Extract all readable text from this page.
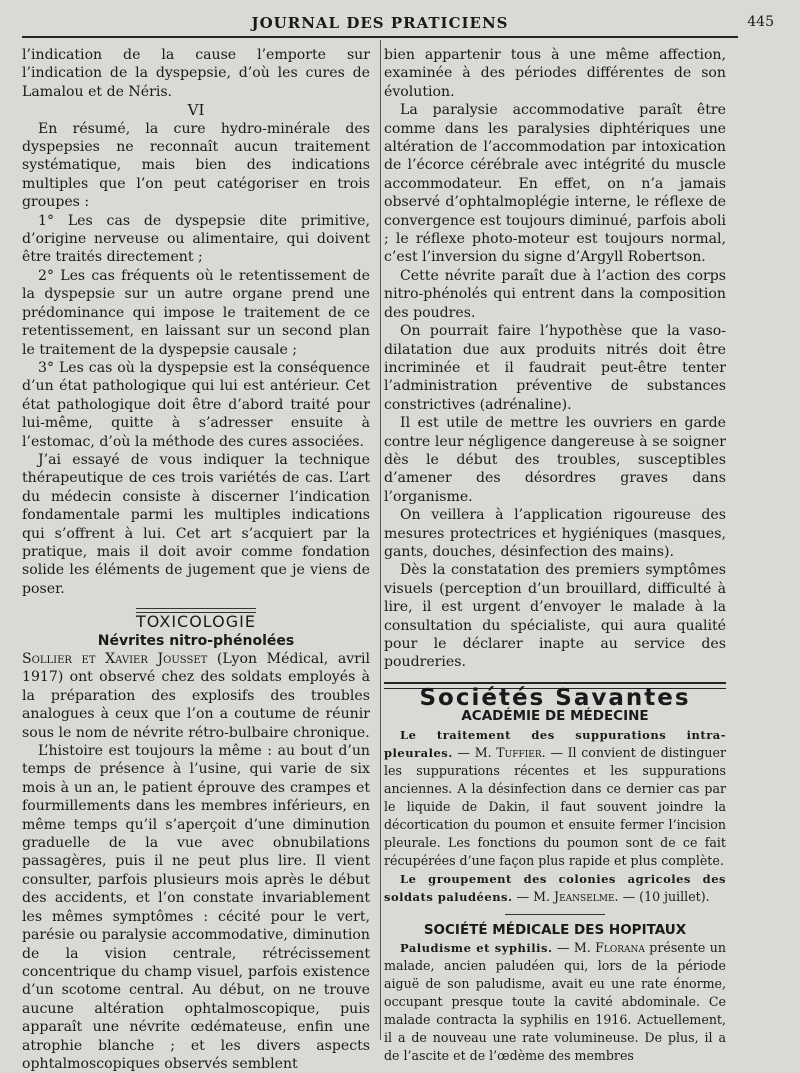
JOURNAL DES PRATICIENS	445

l’indication de la cause l’emporte sur l’indication de la dyspepsie, d’où les cures de Lamalou et de Néris.

VI

En résumé, la cure hydro-minérale des dyspepsies ne reconnaît aucun traitement systématique, mais bien des indications multiples que l’on peut catégoriser en trois groupes :

1° Les cas de dyspepsie dite primitive, d’origine nerveuse ou alimentaire, qui doivent être traités directement ;

2° Les cas fréquents où le retentissement de la dyspepsie sur un autre organe prend une prédominance qui impose le traitement de ce retentissement, en laissant sur un second plan le traitement de la dyspepsie causale ;

3° Les cas où la dyspepsie est la conséquence d’un état pathologique qui lui est antérieur. Cet état pathologique doit être d’abord traité pour lui-même, quitte à s’adresser ensuite à l’estomac, d’où la méthode des cures associées.

J’ai essayé de vous indiquer la technique thérapeutique de ces trois variétés de cas. L’art du médecin consiste à discerner l’indication fondamentale parmi les multiples indications qui s’offrent à lui. Cet art s’acquiert par la pratique, mais il doit avoir comme fondation solide les éléments de jugement que je viens de poser.

TOXICOLOGIE

Névrites nitro-phénolées

Sollier et Xavier Jousset (Lyon Médical, avril 1917) ont observé chez des soldats employés à la préparation des explosifs des troubles analogues à ceux que l’on a coutume de réunir sous le nom de névrite rétro-bulbaire chronique.

L’histoire est toujours la même : au bout d’un temps de présence à l’usine, qui varie de six mois à un an, le patient éprouve des crampes et fourmillements dans les membres inférieurs, en même temps qu’il s’aperçoit d’une diminution graduelle de la vue avec obnubilations passagères, puis il ne peut plus lire. Il vient consulter, parfois plusieurs mois après le début des accidents, et l’on constate invariablement les mêmes symptômes : cécité pour le vert, parésie ou paralysie accommodative, diminution de la vision centrale, rétrécissement concentrique du champ visuel, parfois existence d’un scotome central. Au début, on ne trouve aucune altération ophtalmoscopique, puis apparaît une névrite œdémateuse, enfin une atrophie blanche ; et les divers aspects ophtalmoscopiques observés semblent

bien appartenir tous à une même affection, examinée à des périodes différentes de son évolution.

La paralysie accommodative paraît être comme dans les paralysies diphtériques une altération de l’accommodation par intoxication de l’écorce cérébrale avec intégrité du muscle accommodateur. En effet, on n’a jamais observé d’ophtalmoplégie interne, le réflexe de convergence est toujours diminué, parfois aboli ; le réflexe photo-moteur est toujours normal, c’est l’inversion du signe d’Argyll Robertson.

Cette névrite paraît due à l’action des corps nitro-phénolés qui entrent dans la composition des poudres.

On pourrait faire l’hypothèse que la vaso-dilatation due aux produits nitrés doit être incriminée et il faudrait peut-être tenter l’administration préventive de substances constrictives (adrénaline).

Il est utile de mettre les ouvriers en garde contre leur négligence dangereuse à se soigner dès le début des troubles, susceptibles d’amener des désordres graves dans l’organisme.

On veillera à l’application rigoureuse des mesures protectrices et hygiéniques (masques, gants, douches, désinfection des mains).

Dès la constatation des premiers symptômes visuels (perception d’un brouillard, difficulté à lire, il est urgent d’envoyer le malade à la consultation du spécialiste, qui aura qualité pour le déclarer inapte au service des poudreries.

Sociétés Savantes

ACADÉMIE DE MÉDECINE

Le traitement des suppurations intra-pleurales. — M. Tuffier. — Il convient de distinguer les suppurations récentes et les suppurations anciennes. A la désinfection dans ce dernier cas par le liquide de Dakin, il faut souvent joindre la décortication du poumon et ensuite fermer l’incision pleurale. Les fonctions du poumon sont de ce fait récupérées d’une façon plus rapide et plus complète.

Le groupement des colonies agricoles des soldats paludéens. — M. Jeanselme. — (10 juillet).

SOCIÉTÉ MÉDICALE DES HOPITAUX

Paludisme et syphilis. — M. Florana présente un malade, ancien paludéen qui, lors de la période aiguë de son paludisme, avait eu une rate énorme, occupant presque toute la cavité abdominale. Ce malade contracta la syphilis en 1916. Actuellement, il a de nouveau une rate volumineuse. De plus, il a de l’ascite et de l’œdème des membres
